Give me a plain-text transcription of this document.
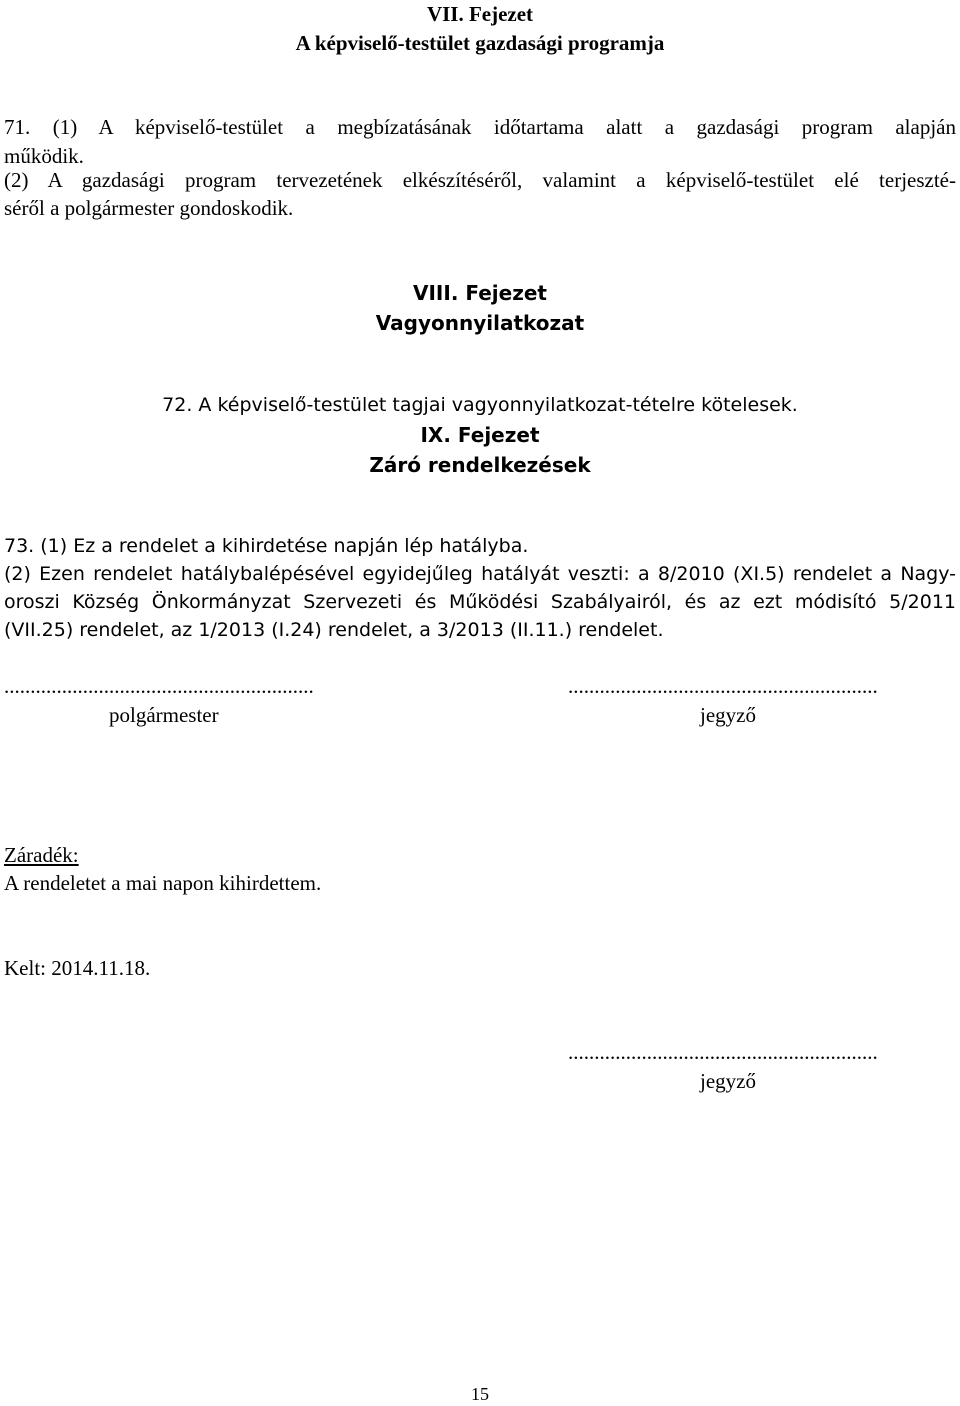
VII. Fejezet
A képviselő-testület gazdasági programja
71. (1) A képviselő-testület a megbízatásának időtartama alatt a gazdasági program alapján
működik.
(2) A gazdasági program tervezetének elkészítéséről, valamint a képviselő-testület elé terjeszté-
séről a polgármester gondoskodik.
VIII. Fejezet
Vagyonnyilatkozat
72. A képviselő-testület tagjai vagyonnyilatkozat-tételre kötelesek.
IX. Fejezet
Záró rendelkezések
73. (1) Ez a rendelet a kihirdetése napján lép hatályba.
(2) Ezen rendelet hatálybalépésével egyidejűleg hatályát veszti: a 8/2010 (XI.5) rendelet a Nagy-
oroszi Község Önkormányzat Szervezeti és Működési Szabályairól, és az ezt módisító 5/2011
(VII.25) rendelet, az 1/2013 (I.24) rendelet, a 3/2013 (II.11.) rendelet.
...........................................................
polgármester
...........................................................
jegyző
Záradék:
A rendeletet a mai napon kihirdettem.
Kelt: 2014.11.18.
...........................................................
jegyző
15
